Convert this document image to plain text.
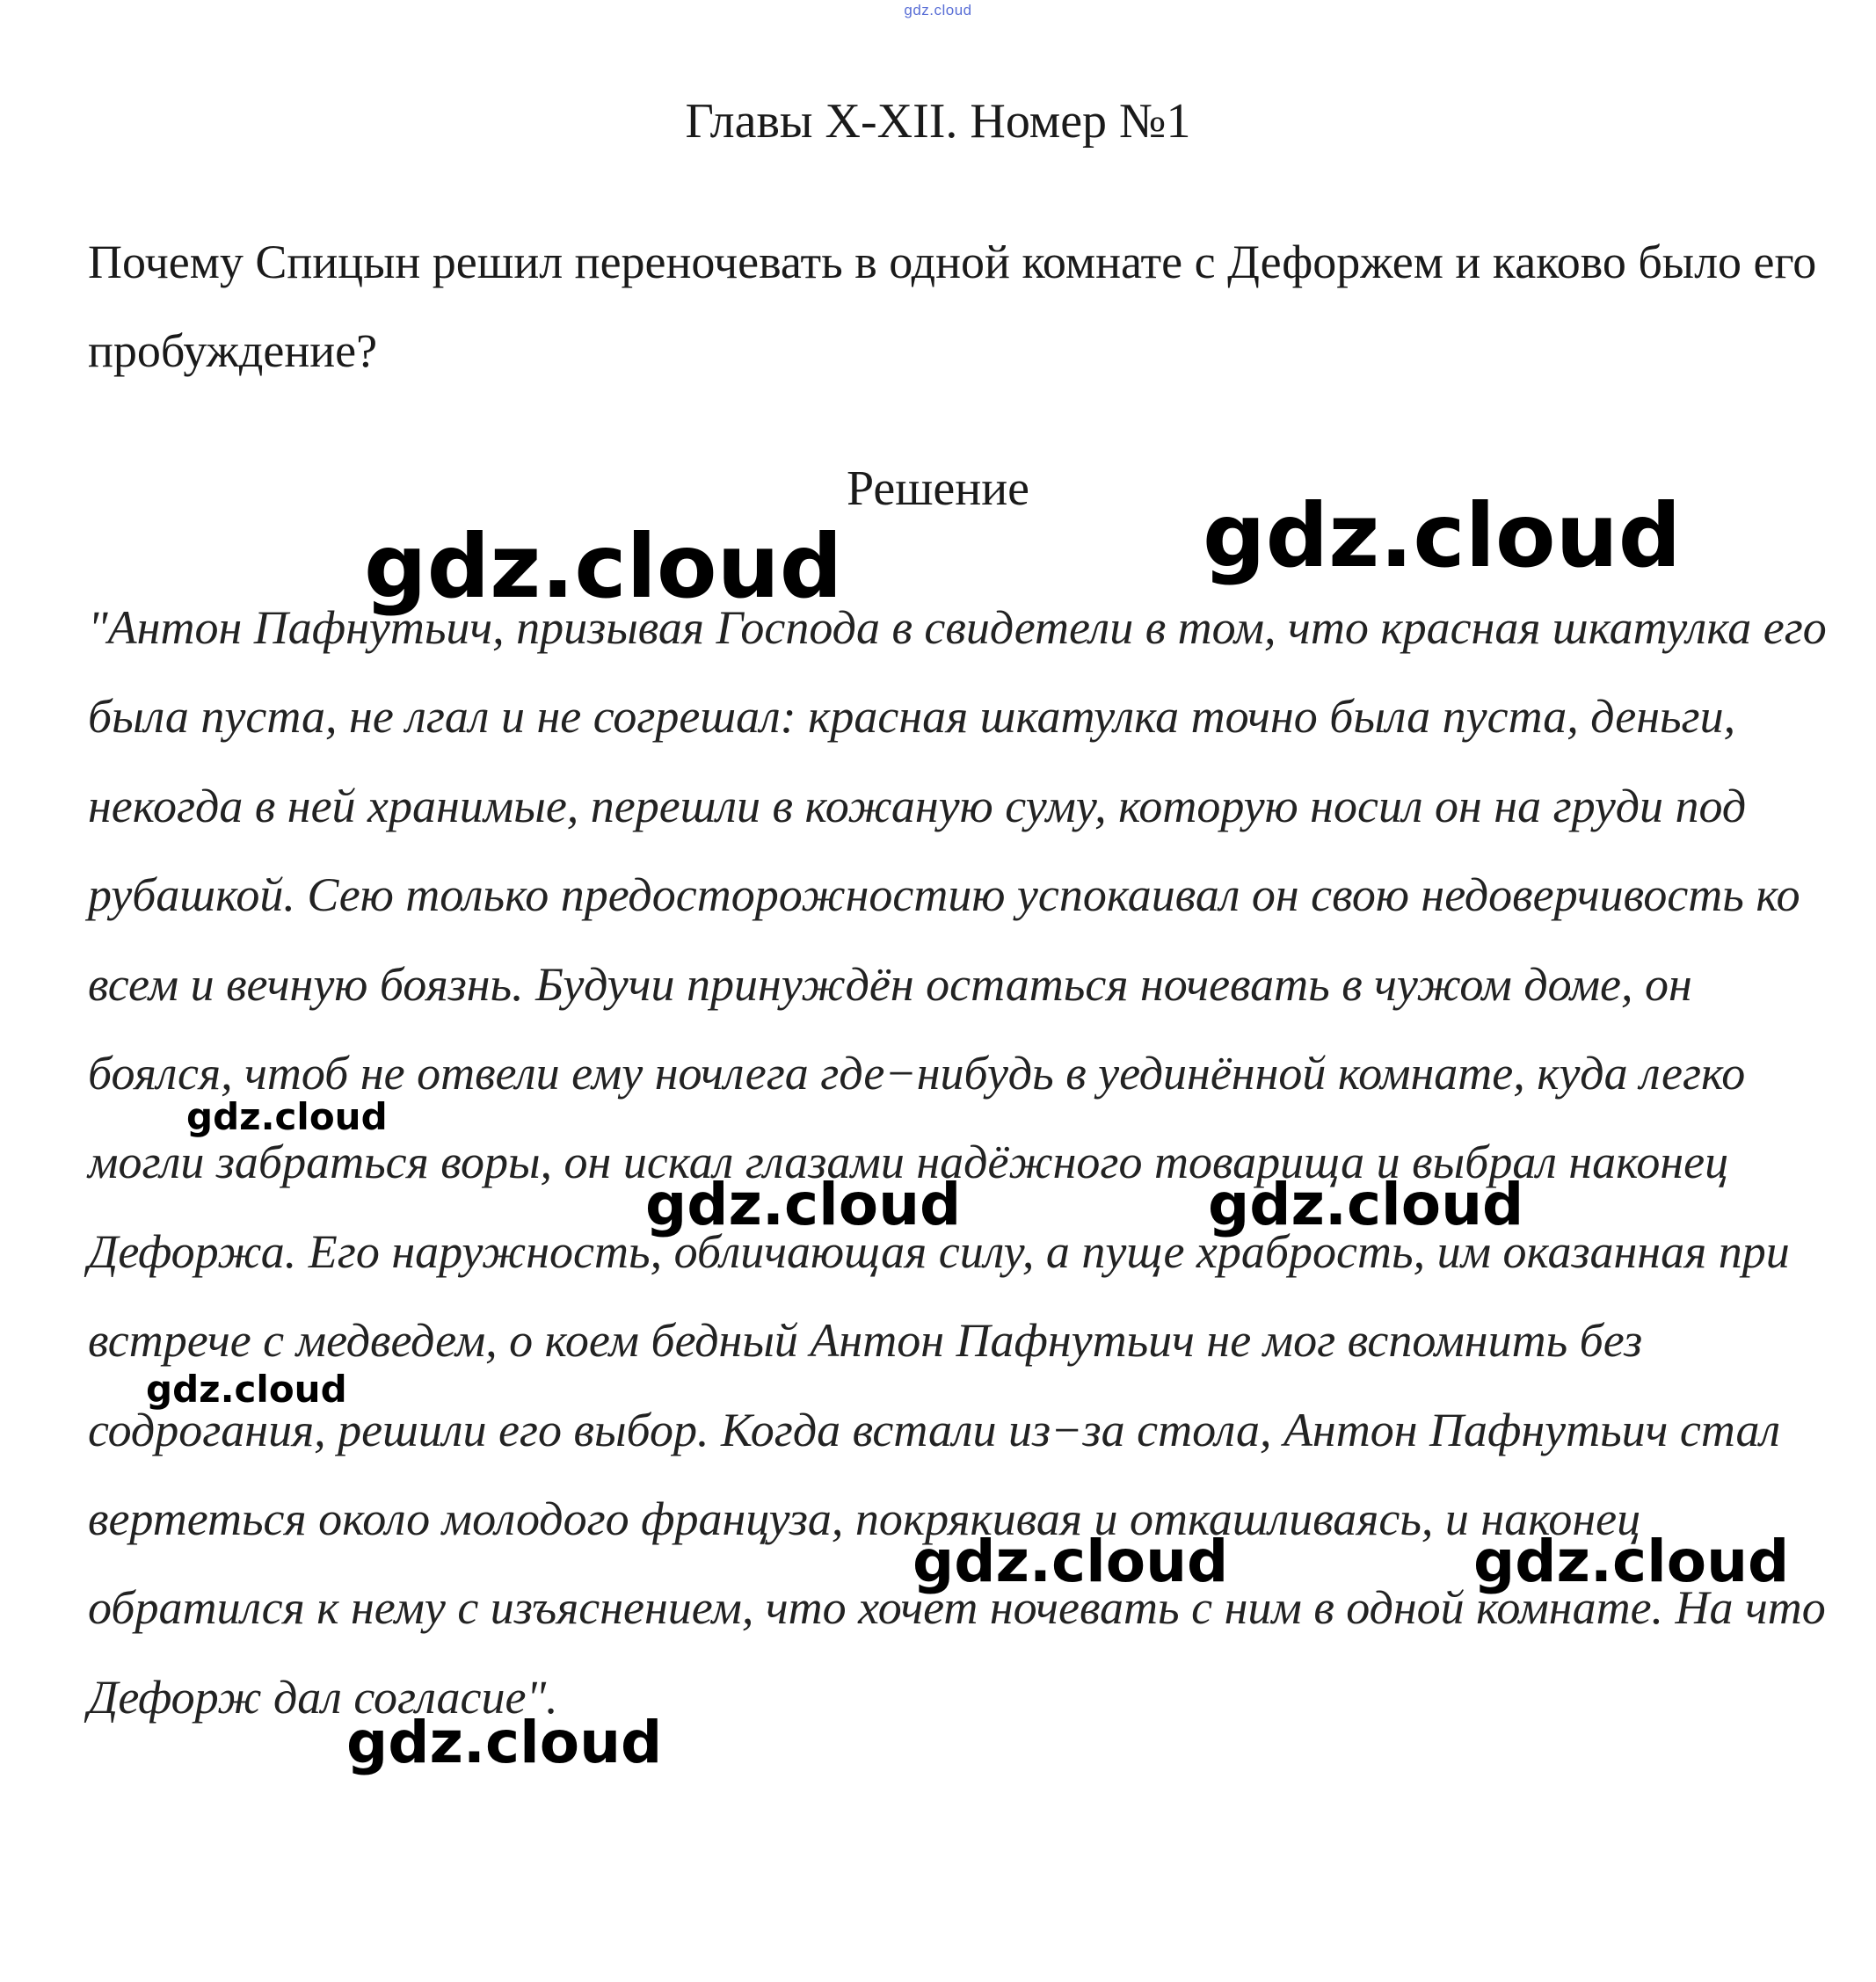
gdz.cloud
Главы X-XII. Номер №1

Почему Спицын решил переночевать в одной комнате с Дефоржем и каково было его пробуждение?

Решение

"Антон Пафнутьич, призывая Господа в свидетели в том, что красная шкатулка его была пуста, не лгал и не согрешал: красная шкатулка точно была пуста, деньги, некогда в ней хранимые, перешли в кожаную суму, которую носил он на груди под рубашкой. Сею только предосторожностию успокаивал он свою недоверчивость ко всем и вечную боязнь. Будучи принуждён остаться ночевать в чужом доме, он боялся, чтоб не отвели ему ночлега где−нибудь в уединённой комнате, куда легко могли забраться воры, он искал глазами надёжного товарища и выбрал наконец Дефоржа. Его наружность, обличающая силу, а пуще храбрость, им оказанная при встрече с медведем, о коем бедный Антон Пафнутьич не мог вспомнить без содрогания, решили его выбор. Когда встали из−за стола, Антон Пафнутьич стал вертеться около молодого француза, покрякивая и откашливаясь, и наконец обратился к нему с изъяснением, что хочет ночевать с ним в одной комнате. На что Дефорж дал согласие".

gdz.cloud	gdz.cloud
gdz.cloud
gdz.cloud	gdz.cloud
gdz.cloud
gdz.cloud	gdz.cloud
gdz.cloud
